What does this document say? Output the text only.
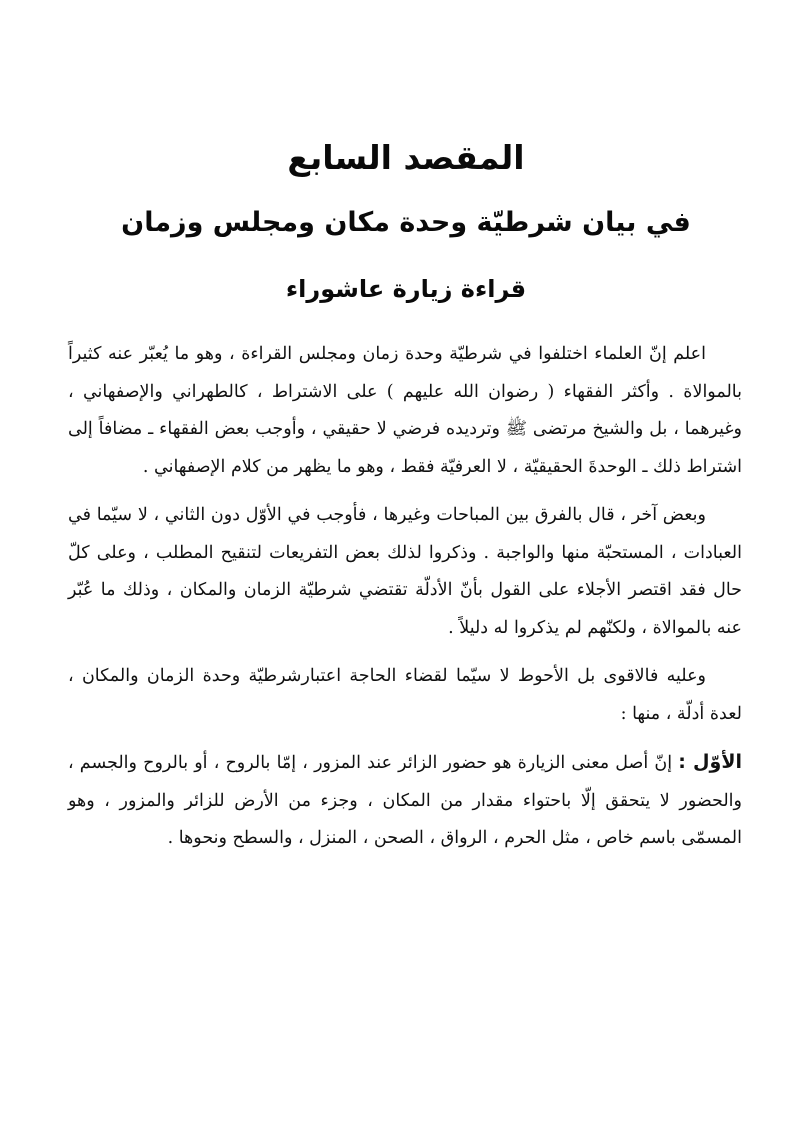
المقصد السابع
في بيان شرطيّة وحدة مكان ومجلس وزمان
قراءة زيارة عاشوراء

اعلم إنّ العلماء اختلفوا في شرطيّة وحدة زمان ومجلس القراءة ، وهو ما يُعبّر عنه كثيراً بالموالاة . وأكثر الفقهاء ( رضوان الله عليهم ) على الاشتراط ، كالطهراني والإصفهاني ، وغيرهما ، بل والشيخ مرتضى ﷺ وترديده فرضي لا حقيقي ، وأوجب بعض الفقهاء ـ مضافاً إلى اشتراط ذلك ـ الوحدةَ الحقيقيّة ، لا العرفيّة فقط ، وهو ما يظهر من كلام الإصفهاني .

وبعض آخر ، قال بالفرق بين المباحات وغيرها ، فأوجب في الأوّل دون الثاني ، لا سيّما في العبادات ، المستحبّة منها والواجبة . وذكروا لذلك بعض التفريعات لتنقيح المطلب ، وعلى كلّ حال فقد اقتصر الأجلاء على القول بأنّ الأدلّة تقتضي شرطيّة الزمان والمكان ، وذلك ما عُبّر عنه بالموالاة ، ولكنّهم لم يذكروا له دليلاً .

وعليه فالاقوى بل الأحوط لا سيّما لقضاء الحاجة اعتبارشرطيّة وحدة الزمان والمكان ، لعدة أدلّة ، منها :

الأوّل : إنّ أصل معنى الزيارة هو حضور الزائر عند المزور ، إمّا بالروح ، أو بالروح والجسم ، والحضور لا يتحقق إلّا باحتواء مقدار من المكان ، وجزء من الأرض للزائر والمزور ، وهو المسمّى باسم خاص ، مثل الحرم ، الرواق ، الصحن ، المنزل ، والسطح ونحوها .
